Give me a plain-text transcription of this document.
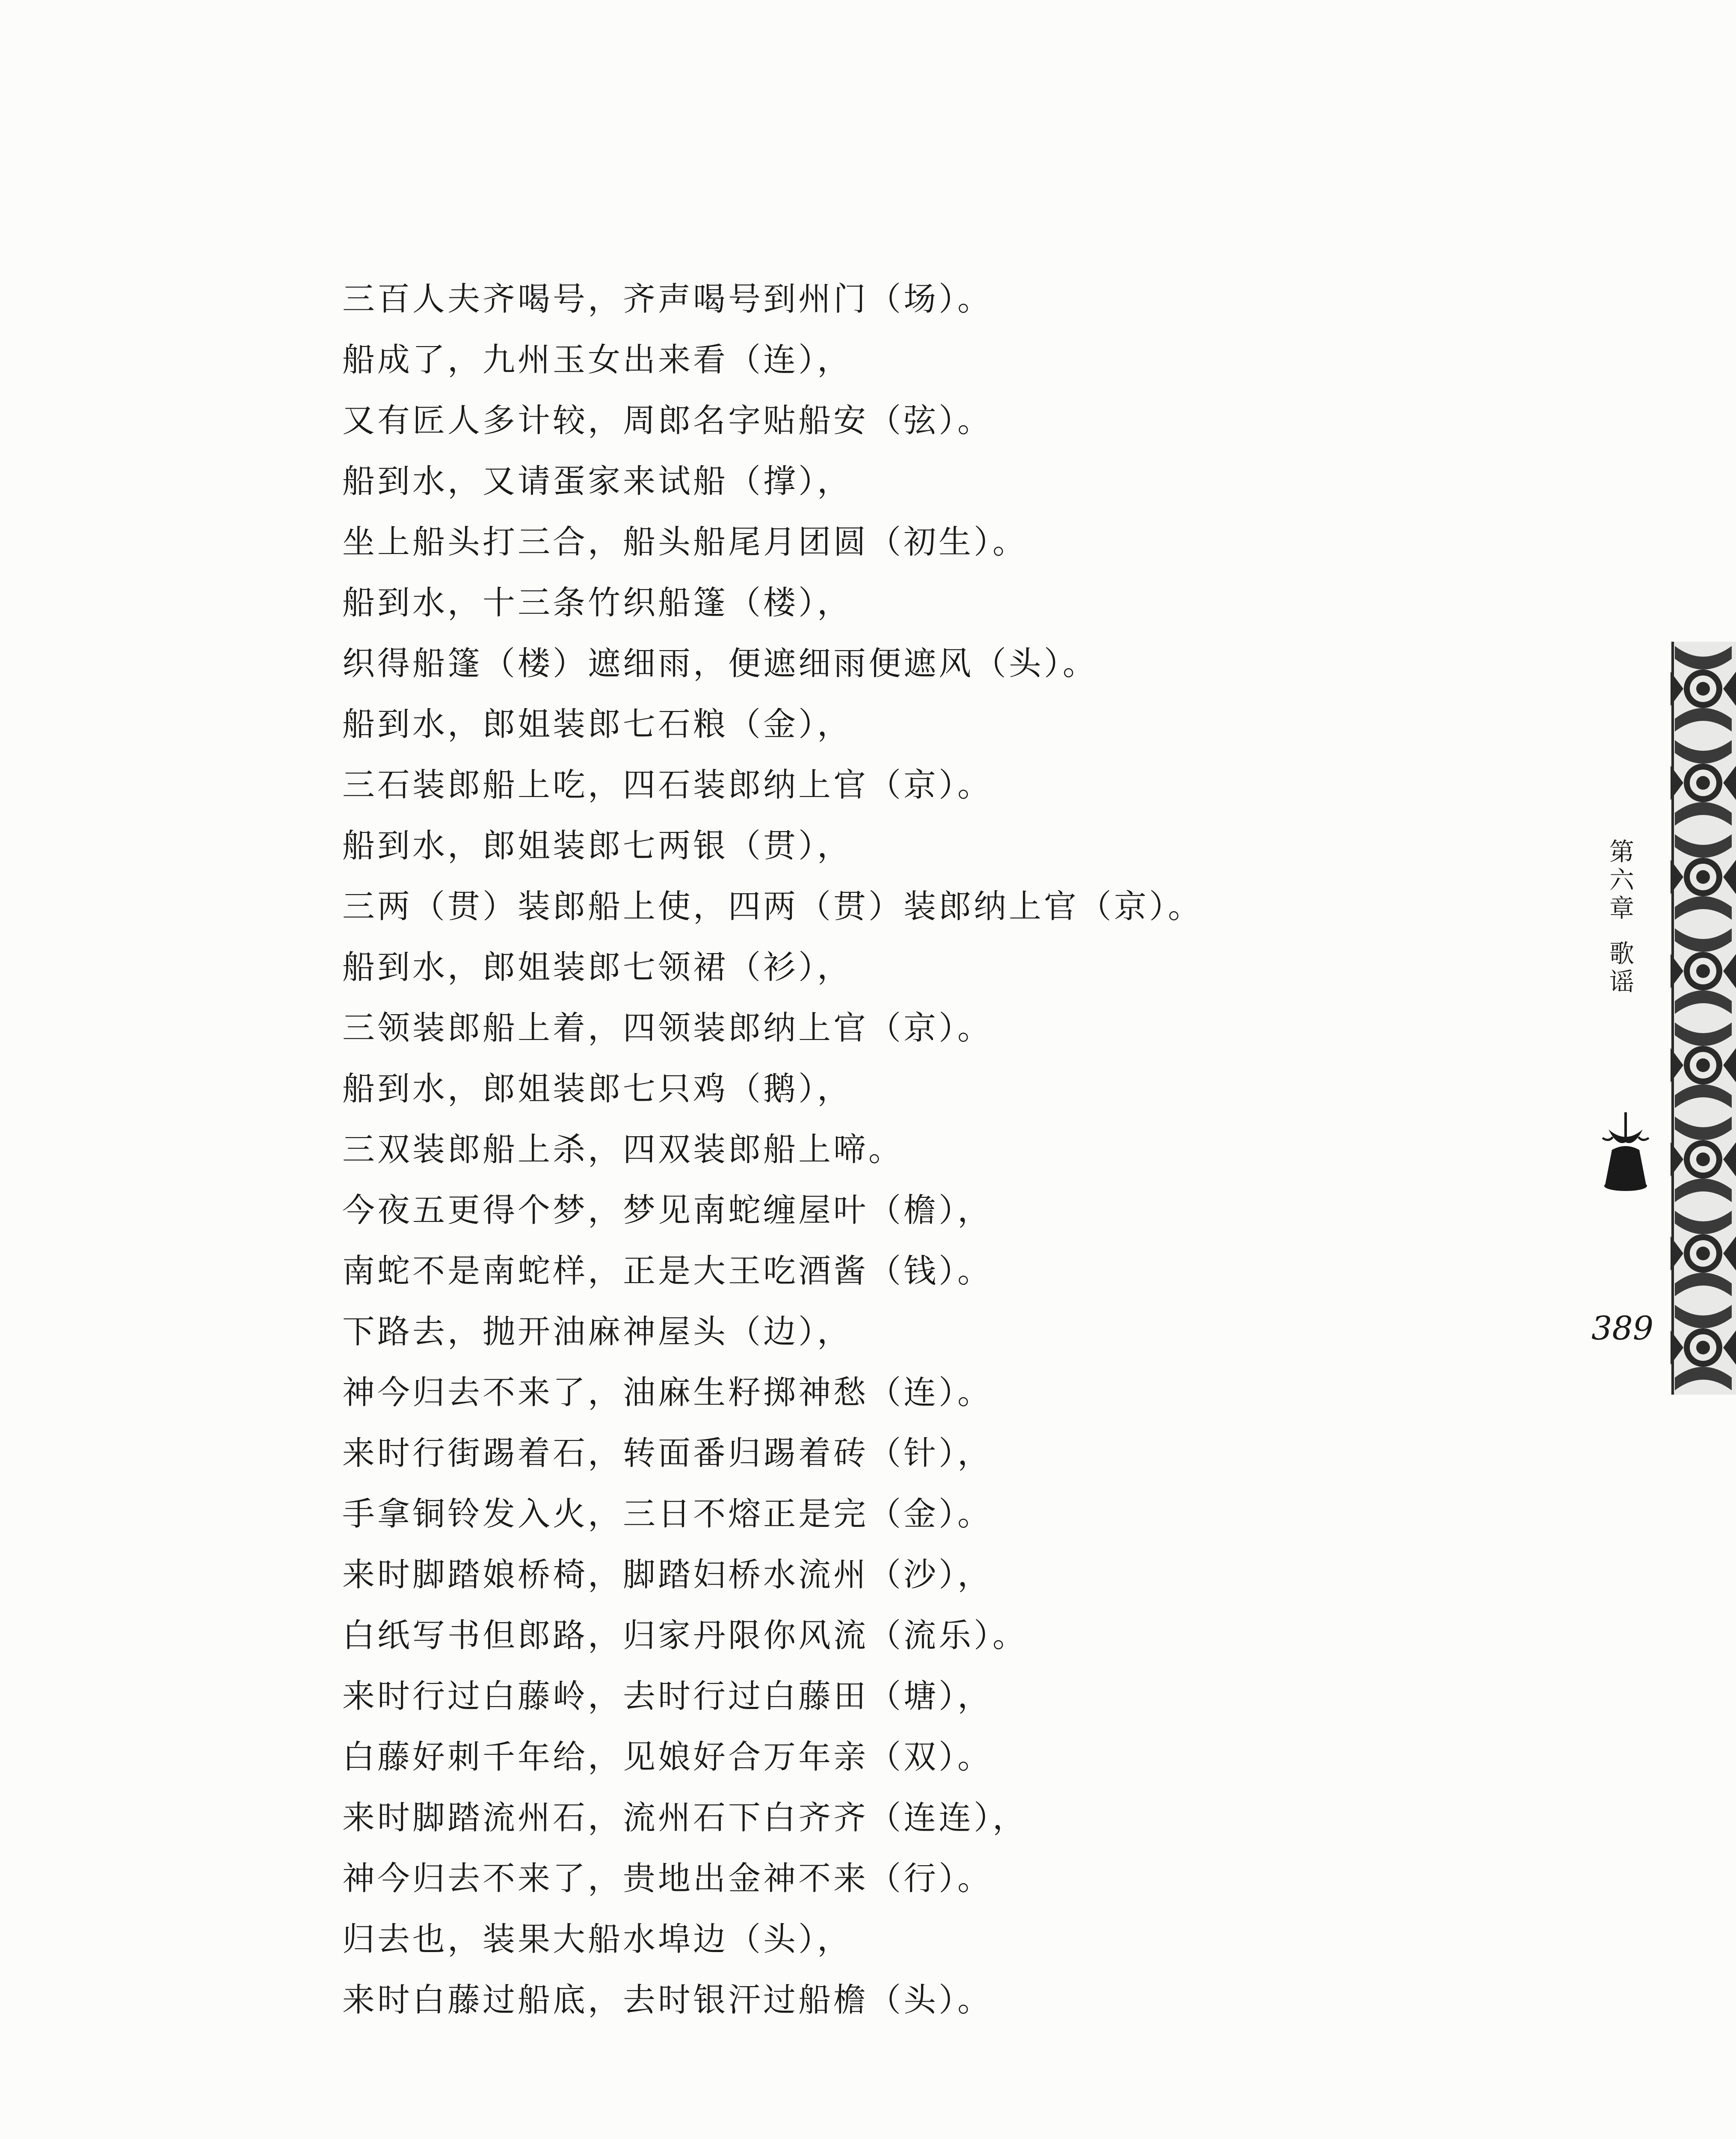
三百人夫齐喝号，齐声喝号到州门（场）。
船成了，九州玉女出来看（连），
又有匠人多计较，周郎名字贴船安（弦）。
船到水，又请蛋家来试船（撑），
坐上船头打三合，船头船尾月团圆（初生）。
船到水，十三条竹织船篷（楼），
织得船篷（楼）遮细雨，便遮细雨便遮风（头）。
船到水，郎姐装郎七石粮（金），
三石装郎船上吃，四石装郎纳上官（京）。
船到水，郎姐装郎七两银（贯），
三两（贯）装郎船上使，四两（贯）装郎纳上官（京）。
船到水，郎姐装郎七领裙（衫），
三领装郎船上着，四领装郎纳上官（京）。
船到水，郎姐装郎七只鸡（鹅），
三双装郎船上杀，四双装郎船上啼。
今夜五更得个梦，梦见南蛇缠屋叶（檐），
南蛇不是南蛇样，正是大王吃酒酱（钱）。
下路去，抛开油麻神屋头（边），
神今归去不来了，油麻生籽掷神愁（连）。
来时行街踢着石，转面番归踢着砖（针），
手拿铜铃发入火，三日不熔正是完（金）。
来时脚踏娘桥椅，脚踏妇桥水流州（沙），
白纸写书但郎路，归家丹限你风流（流乐）。
来时行过白藤岭，去时行过白藤田（塘），
白藤好刺千年给，见娘好合万年亲（双）。
来时脚踏流州石，流州石下白齐齐（连连），
神今归去不来了，贵地出金神不来（行）。
归去也，装果大船水埠边（头），
来时白藤过船底，去时银汗过船檐（头）。
第六章歌谣
389
